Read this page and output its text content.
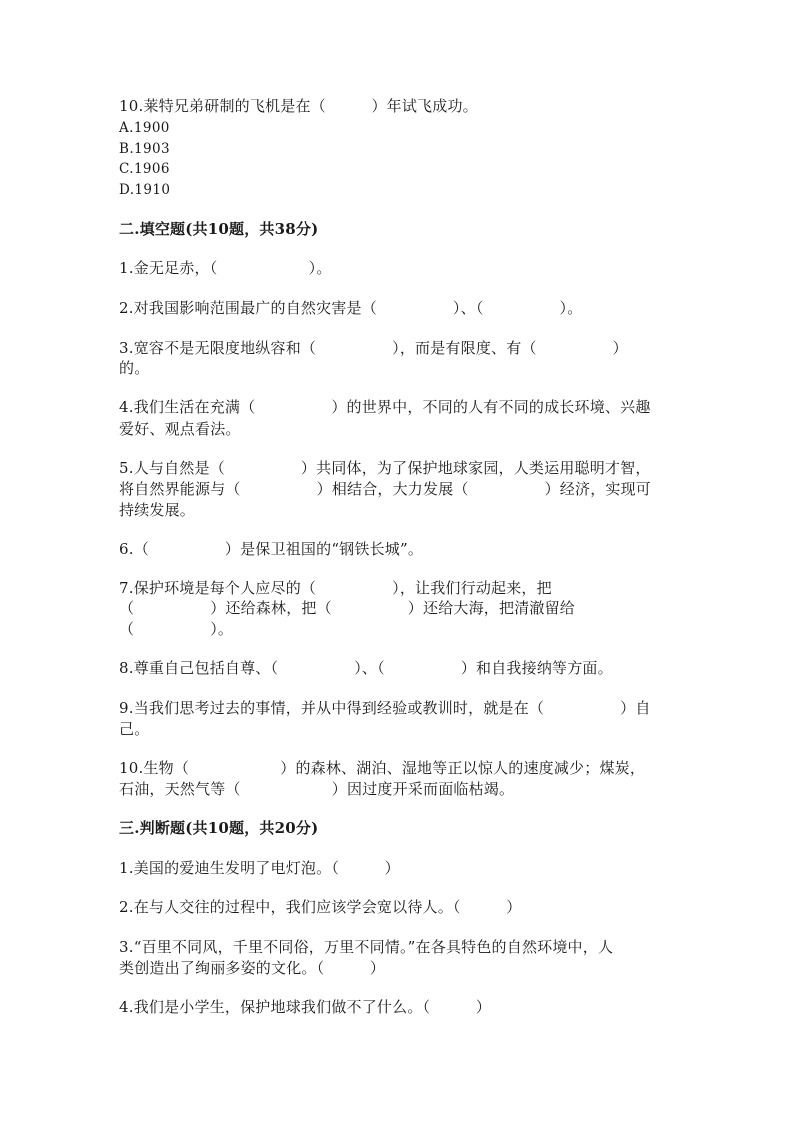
10.莱特兄弟研制的飞机是在（　　　）年试飞成功。
A.1900
B.1903
C.1906
D.1910
二.填空题(共10题，共38分)
1.金无足赤，（　　　　　　）。
2.对我国影响范围最广的自然灾害是（　　　　　）、（　　　　　）。
3.宽容不是无限度地纵容和（　　　　　），而是有限度、有（　　　　　）
的。
4.我们生活在充满（　　　　　）的世界中，不同的人有不同的成长环境、兴趣
爱好、观点看法。
5.人与自然是（　　　　　）共同体，为了保护地球家园，人类运用聪明才智，
将自然界能源与（　　　　　）相结合，大力发展（　　　　　）经济，实现可
持续发展。
6.（　　　　　）是保卫祖国的“钢铁长城”。
7.保护环境是每个人应尽的（　　　　　），让我们行动起来，把
（　　　　　）还给森林，把（　　　　　）还给大海，把清澈留给
（　　　　　）。
8.尊重自己包括自尊、（　　　　　）、（　　　　　）和自我接纳等方面。
9.当我们思考过去的事情，并从中得到经验或教训时，就是在（　　　　　）自
己。
10.生物（　　　　　　）的森林、湖泊、湿地等正以惊人的速度减少；煤炭，
石油，天然气等（　　　　　　）因过度开采而面临枯竭。
三.判断题(共10题，共20分)
1.美国的爱迪生发明了电灯泡。（　　　）
2.在与人交往的过程中，我们应该学会宽以待人。（　　　）
3.“百里不同风，千里不同俗，万里不同情。”在各具特色的自然环境中，人
类创造出了绚丽多姿的文化。（　　　）
4.我们是小学生，保护地球我们做不了什么。（　　　）
